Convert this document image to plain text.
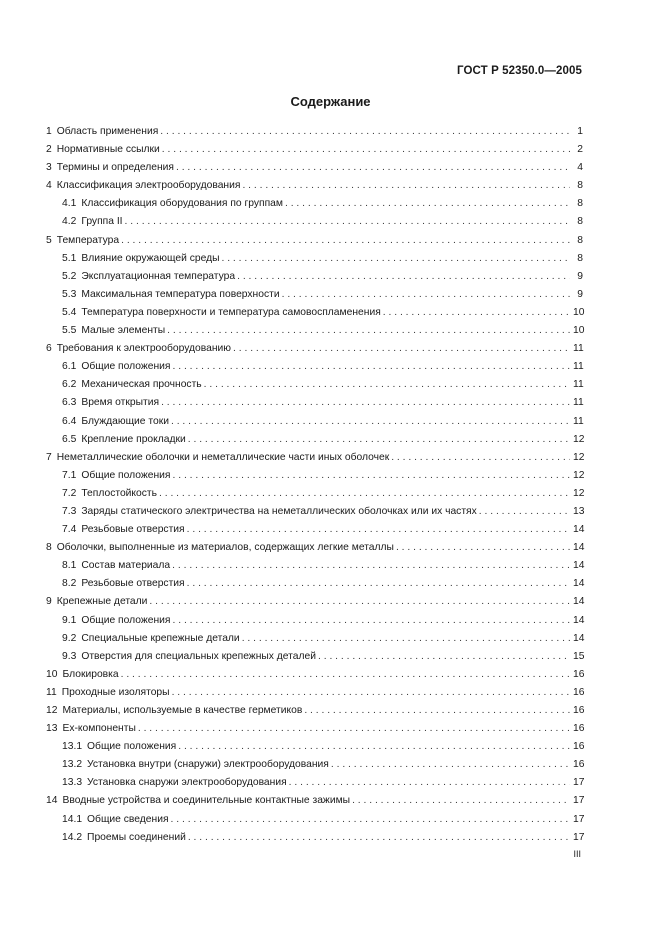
ГОСТ Р 52350.0—2005
Содержание
1 Область применения . . .	1
2 Нормативные ссылки . . .	2
3 Термины и определения . . .	4
4 Классификация электрооборудования . . .	8
4.1 Классификация оборудования по группам . . .	8
4.2 Группа II . . .	8
5 Температура . . .	8
5.1 Влияние окружающей среды . . .	8
5.2 Эксплуатационная температура . . .	9
5.3 Максимальная температура поверхности . . .	9
5.4 Температура поверхности и температура самовоспламенения . . .	10
5.5 Малые элементы . . .	10
6 Требования к электрооборудованию . . .	11
6.1 Общие положения . . .	11
6.2 Механическая прочность . . .	11
6.3 Время открытия . . .	11
6.4 Блуждающие токи . . .	11
6.5 Крепление прокладки . . .	12
7 Неметаллические оболочки и неметаллические части иных оболочек . . .	12
7.1 Общие положения . . .	12
7.2 Теплостойкость . . .	12
7.3 Заряды статического электричества на неметаллических оболочках или их частях . . .	13
7.4 Резьбовые отверстия . . .	14
8 Оболочки, выполненные из материалов, содержащих легкие металлы . . .	14
8.1 Состав материала . . .	14
8.2 Резьбовые отверстия . . .	14
9 Крепежные детали . . .	14
9.1 Общие положения . . .	14
9.2 Специальные крепежные детали . . .	14
9.3 Отверстия для специальных крепежных деталей . . .	15
10 Блокировка . . .	16
11 Проходные изоляторы . . .	16
12 Материалы, используемые в качестве герметиков . . .	16
13 Ex-компоненты . . .	16
13.1 Общие положения . . .	16
13.2 Установка внутри (снаружи) электрооборудования . . .	16
13.3 Установка снаружи электрооборудования . . .	17
14 Вводные устройства и соединительные контактные зажимы . . .	17
14.1 Общие сведения . . .	17
14.2 Проемы соединений . . .	17
III
